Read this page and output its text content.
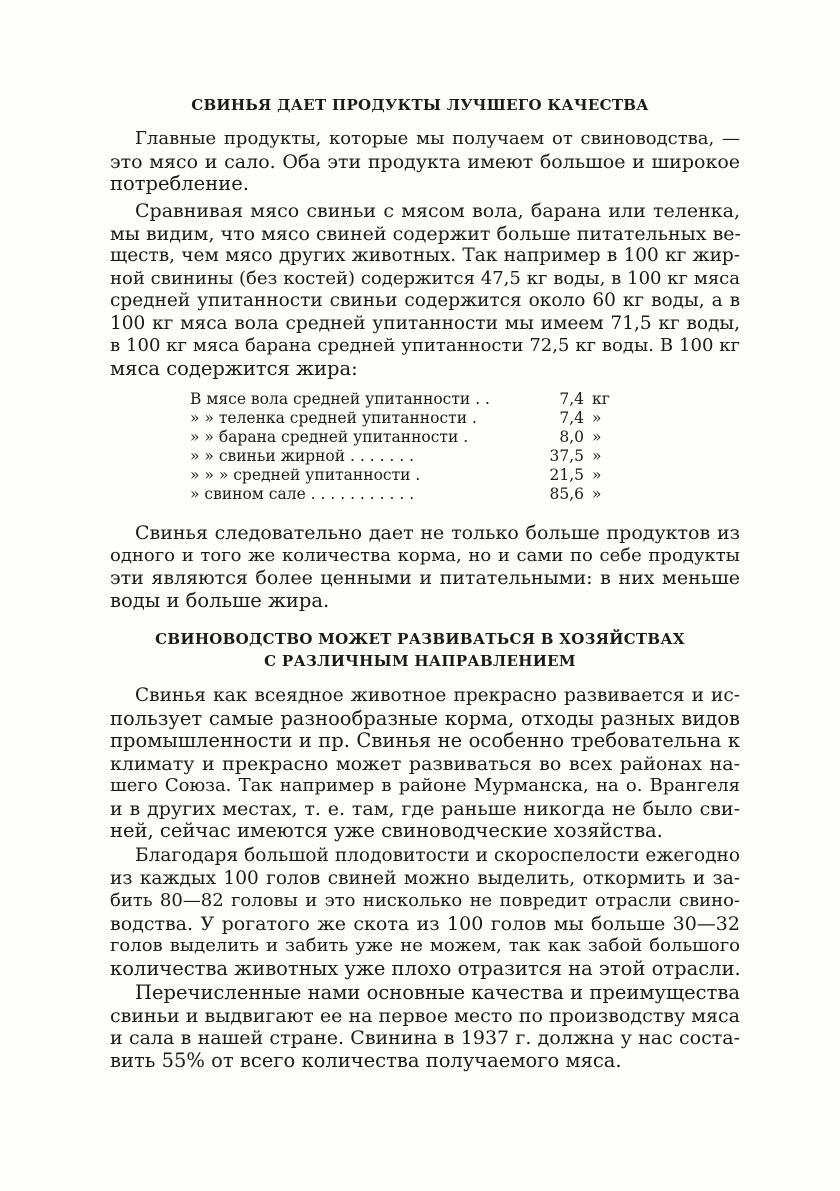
СВИНЬЯ ДАЕТ ПРОДУКТЫ ЛУЧШЕГО КАЧЕСТВА
Главные продукты, которые мы получаем от свиноводства, —
это мясо и сало. Оба эти продукта имеют большое и широкое
потребление.
Сравнивая мясо свиньи с мясом вола, барана или теленка,
мы видим, что мясо свиней содержит больше питательных ве-
ществ, чем мясо других животных. Так например в 100 кг жир-
ной свинины (без костей) содержится 47,5 кг воды, в 100 кг мяса
средней упитанности свиньи содержится около 60 кг воды, а в
100 кг мяса вола средней упитанности мы имеем 71,5 кг воды,
в 100 кг мяса барана средней упитанности 72,5 кг воды. В 100 кг
мяса содержится жира:
В мясе вола средней упитанности . .	7,4	кг
» » теленка средней упитанности .	7,4	»
» » барана средней упитанности .	8,0	»
» » свиньи жирной . . . . . . .	37,5	»
» » » средней упитанности .	21,5	»
» свином сале . . . . . . . . . . .	85,6	»
Свинья следовательно дает не только больше продуктов из
одного и того же количества корма, но и сами по себе продукты
эти являются более ценными и питательными: в них меньше
воды и больше жира.
СВИНОВОДСТВО МОЖЕТ РАЗВИВАТЬСЯ В ХОЗЯЙСТВАХ
С РАЗЛИЧНЫМ НАПРАВЛЕНИЕМ
Свинья как всеядное животное прекрасно развивается и ис-
пользует самые разнообразные корма, отходы разных видов
промышленности и пр. Свинья не особенно требовательна к
климату и прекрасно может развиваться во всех районах на-
шего Союза. Так например в районе Мурманска, на о. Врангеля
и в других местах, т. е. там, где раньше никогда не было сви-
ней, сейчас имеются уже свиноводческие хозяйства.
Благодаря большой плодовитости и скороспелости ежегодно
из каждых 100 голов свиней можно выделить, откормить и за-
бить 80—82 головы и это нисколько не повредит отрасли свино-
водства. У рогатого же скота из 100 голов мы больше 30—32
голов выделить и забить уже не можем, так как забой большого
количества животных уже плохо отразится на этой отрасли.
Перечисленные нами основные качества и преимущества
свиньи и выдвигают ее на первое место по производству мяса
и сала в нашей стране. Свинина в 1937 г. должна у нас соста-
вить 55% от всего количества получаемого мяса.
